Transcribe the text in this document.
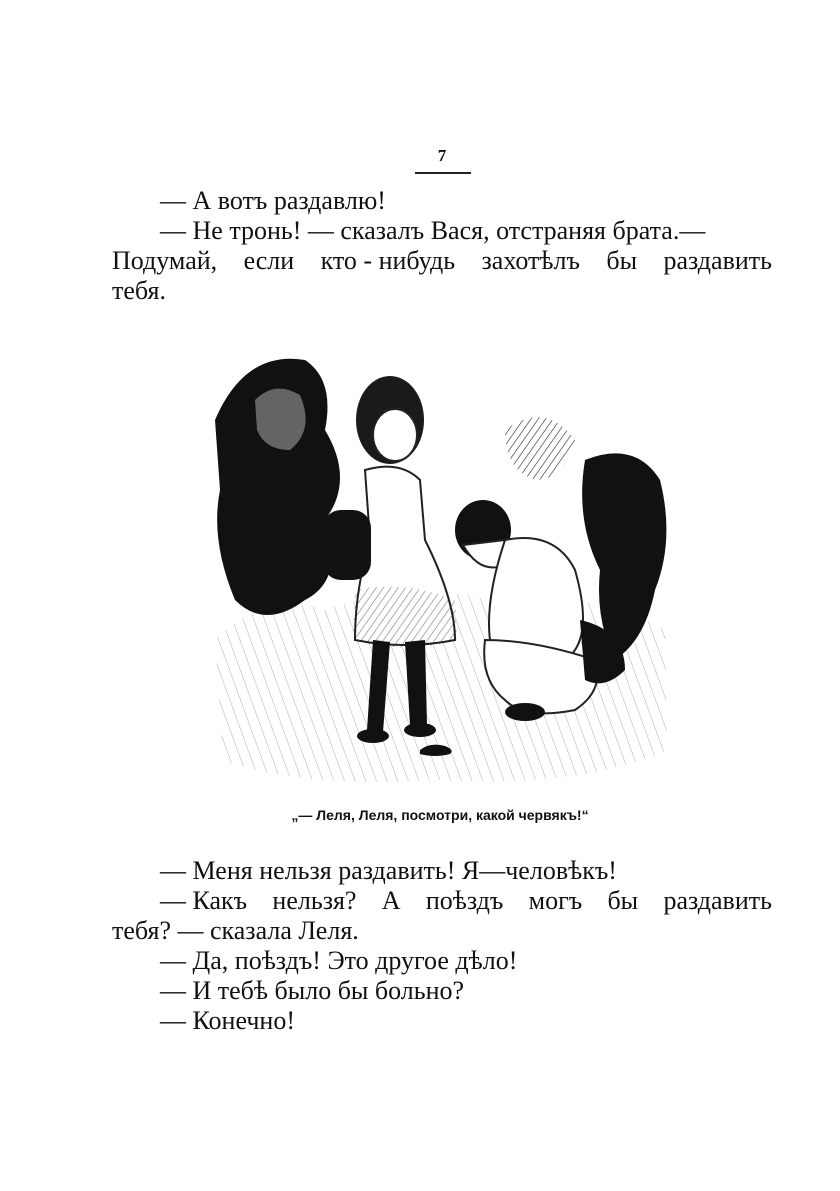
7
— А вотъ раздавлю!
— Не тронь! — сказалъ Вася, отстраняя брата.—
Подумай, если кто - нибудь захотѣлъ бы раздавить
тебя.
„— Леля, Леля, посмотри, какой червякъ!“
— Меня нельзя раздавить! Я—человѣкъ!
— Какъ нельзя? А поѣздъ могъ бы раздавить
тебя? — сказала Леля.
— Да, поѣздъ! Это другое дѣло!
— И тебѣ было бы больно?
— Конечно!
